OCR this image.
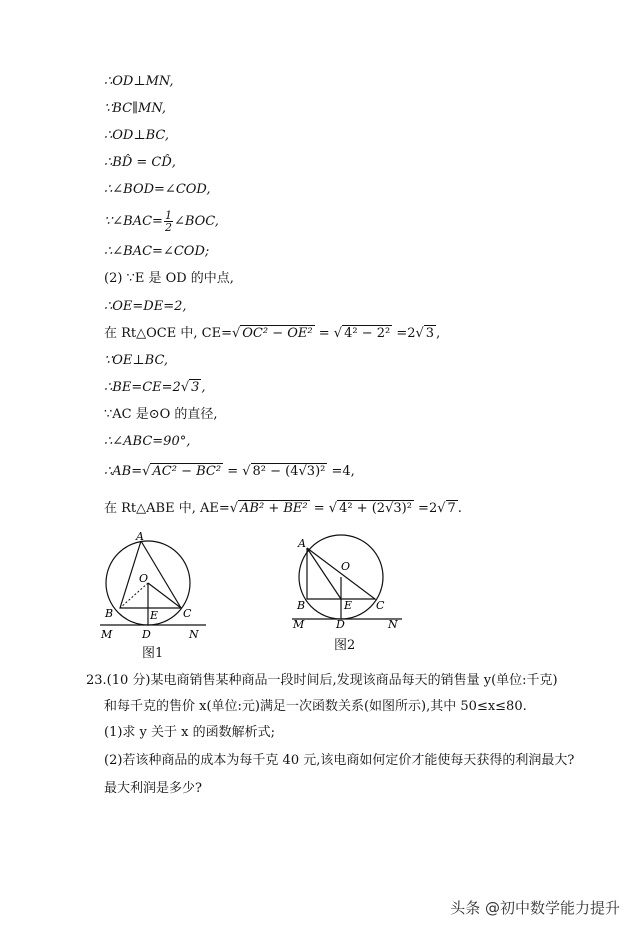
∴OD⊥MN,
∵BC∥MN,
∴OD⊥BC,
∴BD̂ = CD̂,
∴∠BOD=∠COD,
∵∠BAC= $\frac{1}{2}$ ∠BOC,
∴∠BAC=∠COD;
(2) ∵E 是 OD 的中点,
∴OE=DE=2,
在 Rt△OCE 中, CE=√ OC² − OE² = √ 4² − 2² =2√ 3 ,
∵OE⊥BC,
∴BE=CE=2√ 3 ,
∵AC 是⊙O 的直径,
∴∠ABC=90°,
∴AB=√ AC² − BC² = √ 8² − (4√3)² =4,
在 Rt△ABE 中, AE=√ AB² + BE² = √ 4² + (2√3)² =2√ 7 .
A
O
B	C
E
D
M	N
图1
A
O
B	C
E
D
M	N
图2
23.(10 分)某电商销售某种商品一段时间后,发现该商品每天的销售量 y(单位:千克)
和每千克的售价 x(单位:元)满足一次函数关系(如图所示),其中 50≤x≤80.
(1)求 y 关于 x 的函数解析式;
(2)若该种商品的成本为每千克 40 元,该电商如何定价才能使每天获得的利润最大?
最大利润是多少?
头条 @初中数学能力提升
